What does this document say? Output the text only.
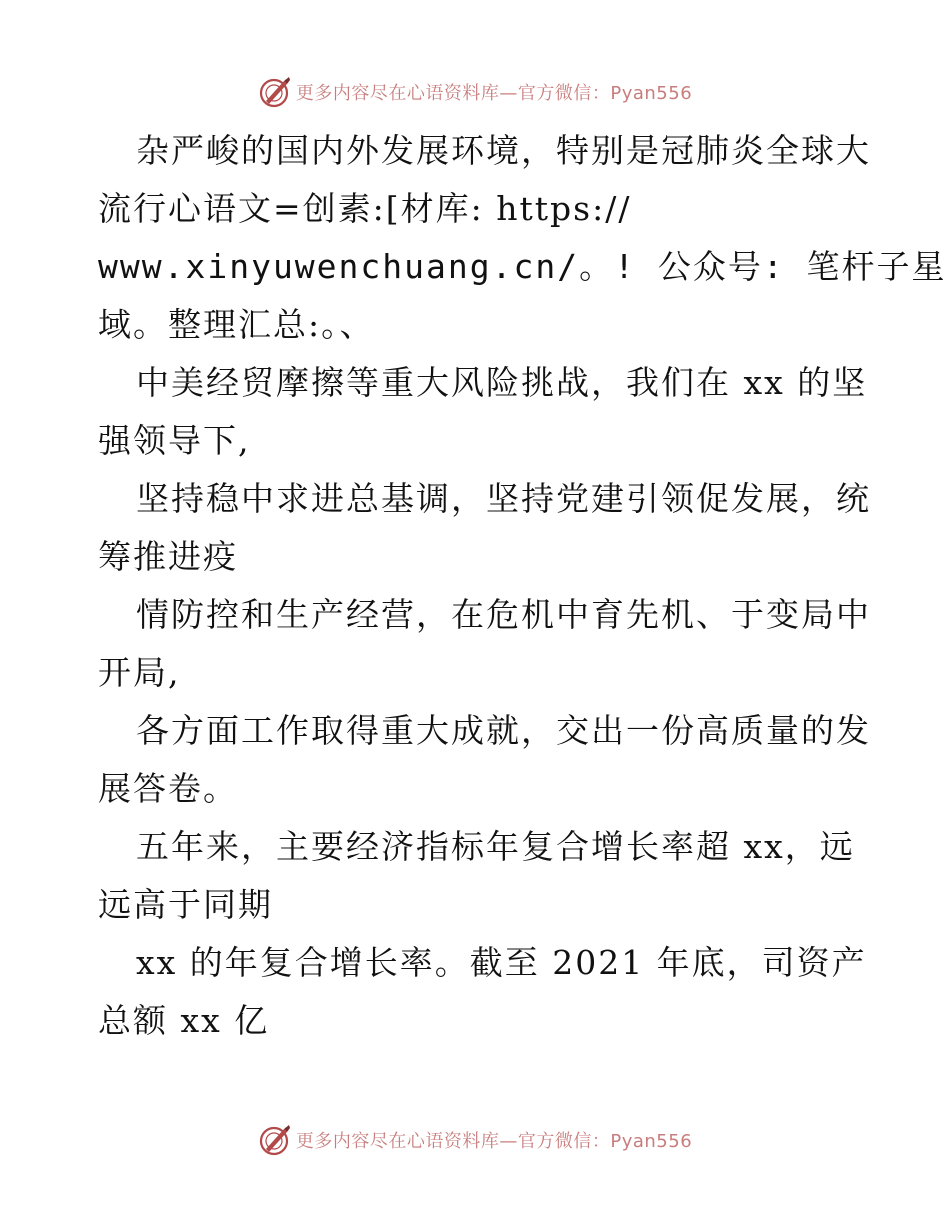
更多内容尽在心语资料库—官方微信：Pyan556
杂严峻的国内外发展环境，特别是冠肺炎全球大
流行心语文=创素:[材库: https://
www.xinyuwenchuang.cn/。! 公众号: 笔杆子星
域。整理汇总:。、
中美经贸摩擦等重大风险挑战，我们在 xx 的坚
强领导下,
坚持稳中求进总基调，坚持党建引领促发展，统
筹推进疫
情防控和生产经营，在危机中育先机、于变局中
开局,
各方面工作取得重大成就，交出一份高质量的发
展答卷。
五年来，主要经济指标年复合增长率超 xx，远
远高于同期
xx 的年复合增长率。截至 2021 年底，司资产
总额 xx 亿
更多内容尽在心语资料库—官方微信：Pyan556
